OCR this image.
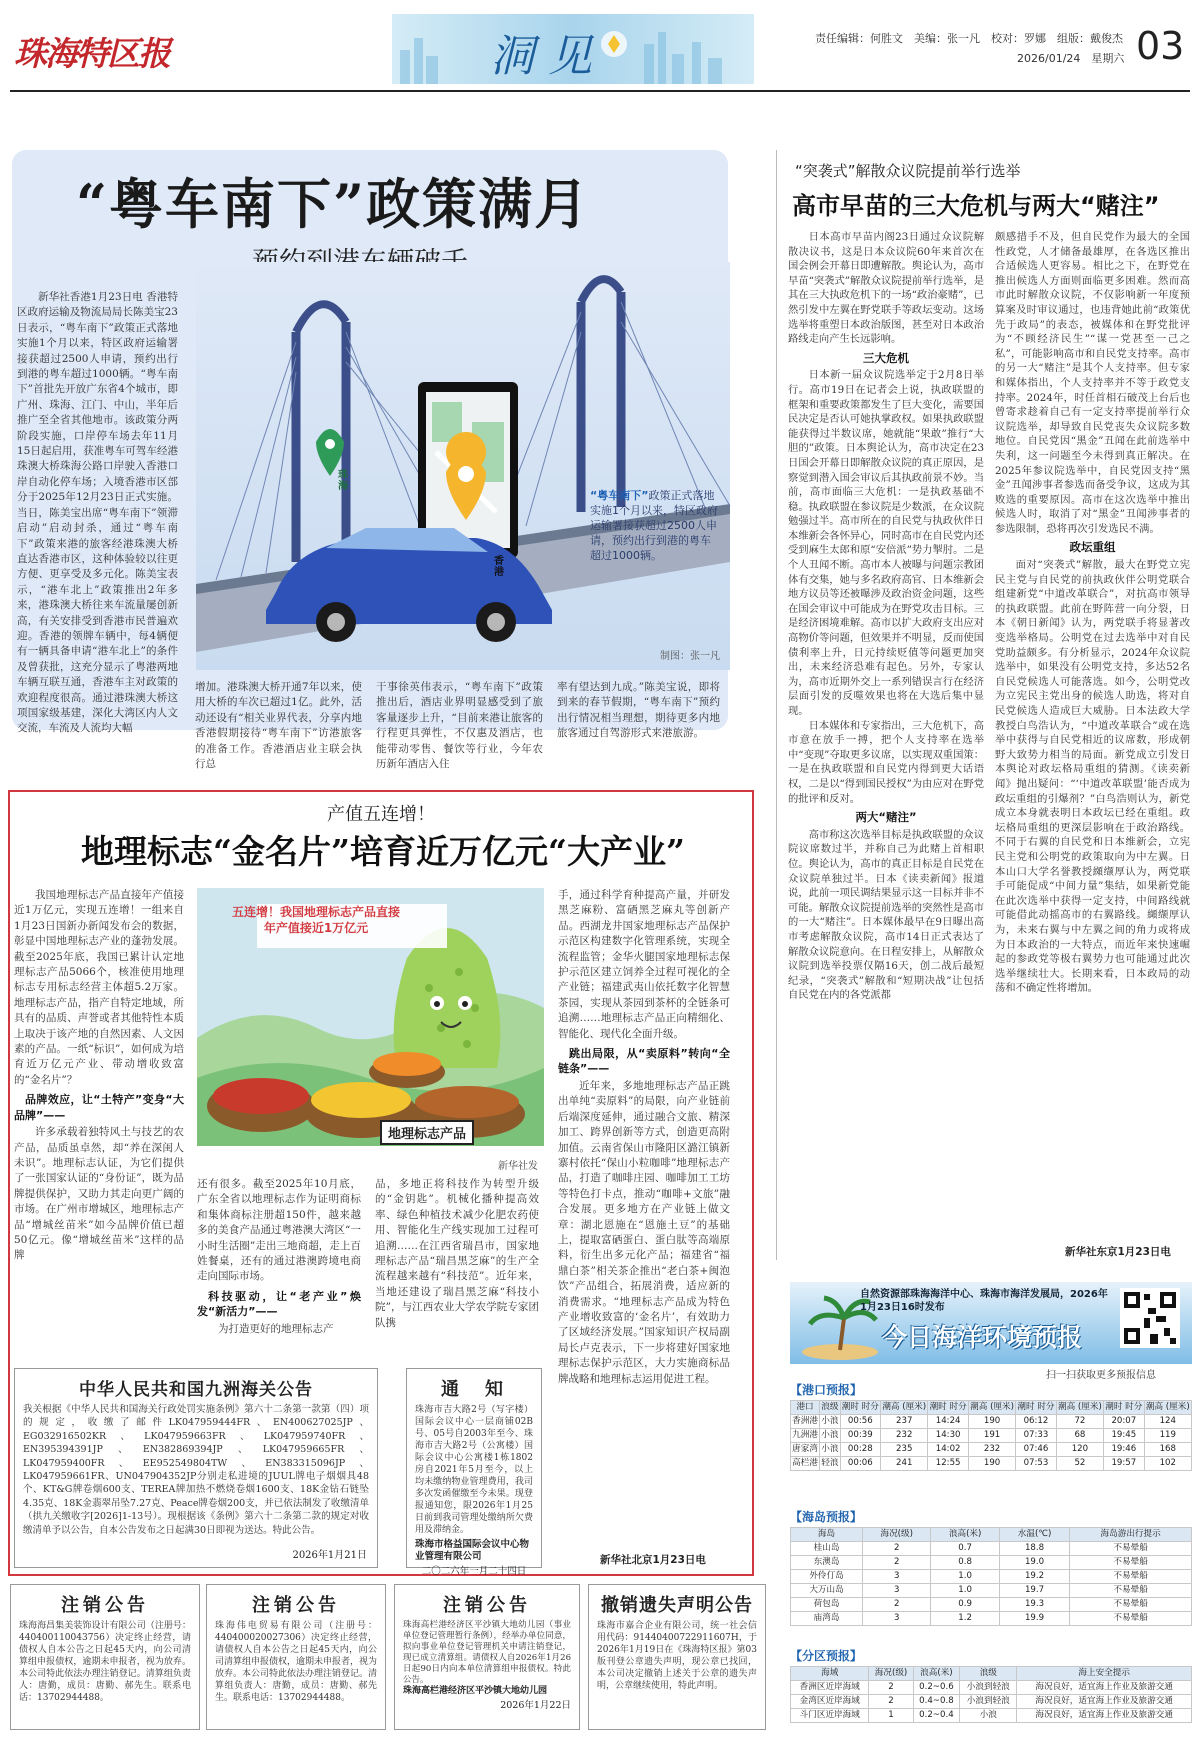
珠海特区报	洞见	责任编辑：何胜文　美编：张一凡　校对：罗娜　组版：戴俊杰
2026/01/24　星期六 03
“粤车南下”政策满月
珠海
香港
“粤车南下”政策正式落地实施1个月以来，特区政府运输署接获超过2500人申请，预约出行到港的粤车超过1000辆。
制图：张一凡

新华社香港1月23日电 香港特区政府运输及物流局局长陈美宝23日表示，“粤车南下”政策正式落地实施1个月以来，特区政府运输署接获超过2500人申请，预约出行到港的粤车超过1000辆。“粤车南下”首批先开放广东省4个城市，即广州、珠海、江门、中山，半年后推广至全省其他地市。该政策分两阶段实施，口岸停车场去年11月15日起启用，获准粤车可驾车经港珠澳大桥珠海公路口岸驶入香港口岸自动化停车场；入境香港市区部分于2025年12月23日正式实施。当日，陈美宝出席“粤车南下”领滞启动”启动封杀，通过“粤车南下”政策来港的旅客经港珠澳大桥直达香港市区，这种体验较以往更方便、更享受及多元化。陈美宝表示，“港车北上”政策推出2年多来，港珠澳大桥往来车流量屡创新高，有关安排受到香港市民普遍欢迎。香港的领牌车辆中，每4辆便有一辆具备申请“港车北上”的条件及曾获批，这充分显示了粤港两地车辆互联互通，香港车主对政策的欢迎程度很高。通过港珠澳大桥这项国家级基建，深化大湾区内人文交流，车流及人流均大幅

增加。港珠澳大桥开通7年以来，使用大桥的车次已超过1亿。此外，活动还设有“相关业界代表，分享内地香港假期接待“粤车南下”访港旅客的准备工作。香港酒店业主联会执行总

干事徐英伟表示，“粤车南下”政策推出后，酒店业界明显感受到了旅客量逐步上升，“目前来港让旅客的行程更具弹性，不仅惠及酒店，也能带动零售、餐饮等行业，今年农历新年酒店入住

率有望达到九成。”陈美宝说，即将到来的春节假期，“粤车南下”预约出行情况相当理想，期待更多内地旅客通过自驾游形式来港旅游。

产值五连增！
地理标志“金名片”培育近万亿元“大产业”
五连增！我国地理标志产品直接年产值接近1万亿元
地理标志产品
新华社发

我国地理标志产品直接年产值接近1万亿元，实现五连增！一组来自1月23日国新办新闻发布会的数据，彰显中国地理标志产业的蓬勃发展。截至2025年底，我国已累计认定地理标志产品5066个，核准使用地理标志专用标志经营主体超5.2万家。地理标志产品，指产自特定地域，所具有的品质、声誉或者其他特性本质上取决于该产地的自然因素、人文因素的产品。一纸“标识”，如何成为培育近万亿元产业、带动增收致富的“金名片”？

品牌效应，让“土特产”变身“大品牌”——

许多承载着独特风土与技艺的农产品，品质虽卓然，却“养在深闺人未识”。地理标志认证，为它们提供了一张国家认证的“身份证”，既为品牌提供保护，又助力其走向更广阔的市场。在广州市增城区，地理标志产品“增城丝苗米”如今品牌价值已超50亿元。像“增城丝苗米”这样的品牌

还有很多。截至2025年10月底，广东全省以地理标志作为证明商标和集体商标注册超150件，越来越多的美食产品通过粤港澳大湾区“一小时生活圈”走出三地商超，走上百姓餐桌，还有的通过港澳跨境电商走向国际市场。

科技驱动，让“老产业”焕发“新活力”——

为打造更好的地理标志产

品，多地正将科技作为转型升级的“金钥匙”。机械化播种提高效率、绿色种植技术减少化肥农药使用、智能化生产线实现加工过程可追溯……在江西省瑞昌市，国家地理标志产品“瑞昌黑芝麻”的生产全流程越来越有“科技范”。近年来，当地还建设了瑞昌黑芝麻“科技小院”，与江西农业大学农学院专家团队携

手，通过科学育种提高产量，并研发黑芝麻粉、富硒黑芝麻丸等创新产品。西湖龙井国家地理标志产品保护示范区构建数字化管理系统，实现全流程监管；金华火腿国家地理标志保护示范区建立饲养全过程可视化的全产业链；福建武夷山依托数字化智慧茶园，实现从茶园到茶杯的全链条可追溯……地理标志产品正向精细化、智能化、现代化全面升级。

跳出局限，从“卖原料”转向“全链条”——

近年来，多地地理标志产品正跳出单纯“卖原料”的局限，向产业链前后端深度延伸，通过融合文旅、精深加工、跨界创新等方式，创造更高附加值。云南省保山市隆阳区潞江镇新寨村依托“保山小粒咖啡”地理标志产品，打造了咖啡庄园、咖啡加工工坊等特色打卡点，推动“咖啡+文旅”融合发展。更多地方在产业链上做文章：湖北恩施在“恩施土豆”的基础上，提取富硒蛋白、蛋白肽等高端原料，衍生出多元化产品；福建省“福鼎白茶”相关茶企推出“老白茶+闽泡饮”产品组合，拓展消费，适应新的消费需求。“地理标志产品成为特色产业增收致富的‘金名片’，有效助力了区域经济发展。”国家知识产权局副局长卢克表示，下一步将建好国家地理标志保护示范区，大力实施商标品牌战略和地理标志运用促进工程。

新华社北京1月23日电
中华人民共和国九洲海关公告
我关根据《中华人民共和国海关行政处罚实施条例》第六十二条第一款第（四）项的规定，收缴了邮件LK047959444FR、EN400627025JP、EG032916502KR、LK047959663FR、LK047959740FR、EN395394391JP、EN382869394JP、LK047959665FR、LK047959400FR、EE952549804TW、EN383315096JP、LK047959661FR、UN047904352JP分别走私进境的JUUL牌电子烟烟具48个、KT&G牌卷烟600支、TEREA牌加热不燃烧卷烟1600支、18K金钻石链坠4.35克、18K金翡翠吊坠7.27克、Peace牌卷烟200支，并已依法制发了收缴清单（拱九关缴收字[2026]1-13号）。现根据该《条例》第六十二条第二款的规定对收缴清单予以公告，自本公告发布之日起满30日即视为送达。特此公告。
2026年1月21日
通　知
珠海市吉大路2号（写字楼）国际会议中心一层商铺02B号、05号自2003年至今、珠海市吉大路2号（公寓楼）国际会议中心公寓楼1栋1802房自2021年5月至今，以上均未缴纳物业管理费用，我司多次发函催缴至今未果。现登报通知您，限2026年1月25日前到我司管理处缴纳所欠费用及滞纳金。
珠海市格益国际会议中心物业管理有限公司
二〇二六年一月二十四日
注销公告
珠海海昌集美装饰设计有限公司（注册号：440400110043756）决定终止经营，请债权人自本公告之日起45天内，向公司清算组申报债权，逾期未申报者，视为放弃。本公司特此依法办理注销登记。清算组负责人：唐勤，成员：唐勤、郝先生。联系电话：13702944488。
注销公告
珠海伟电贸易有限公司（注册号：440400020027306）决定终止经营，请债权人自本公告之日起45天内，向公司清算组申报债权，逾期未申报者，视为放弃。本公司特此依法办理注销登记。清算组负责人：唐勤，成员：唐勤、郝先生。联系电话：13702944488。
注销公告
珠海高栏港经济区平沙镇大地幼儿园（事业单位登记管理暂行条例），经举办单位同意，拟向事业单位登记管理机关申请注销登记，现已成立清算组。请债权人自2026年1月26日起90日内向本单位清算组申报债权。特此公告。
珠海高栏港经济区平沙镇大地幼儿园
2026年1月22日
撤销遗失声明公告
珠海市嘉合企业有限公司，统一社会信用代码：91440400722911607H，于2026年1月19日在《珠海特区报》第03版刊登公章遗失声明，现公章已找回，本公司决定撤销上述关于公章的遗失声明，公章继续使用，特此声明。
“突袭式”解散众议院提前举行选举
高市早苗的三大危机与两大“赌注”

日本高市早苗内阁23日通过众议院解散决议书，这是日本众议院60年来首次在国会例会开幕日即遭解散。舆论认为，高市早苗“突袭式”解散众议院提前举行选举，是其在三大执政危机下的一场“政治豪赌”，已然引发中左翼在野党联手等政坛变动。这场选举将重塑日本政治版图，甚至对日本政治路线走向产生长远影响。

三大危机

日本新一届众议院选举定于2月8日举行。高市19日在记者会上说，执政联盟的框架和重要政策都发生了巨大变化，需要国民决定是否认可她执掌政权。如果执政联盟能获得过半数议席，她就能“果敢”推行“大胆的”政策。日本舆论认为，高市决定在23日国会开幕日即解散众议院的真正原因，是察觉到潜入国会审议后其执政前景不妙。当前，高市面临三大危机：一是执政基础不稳。执政联盟在参议院是少数派，在众议院勉强过半。高市所在的自民党与执政伙伴日本维新会各怀异心，同时高市在自民党内还受到麻生太郎和原“安倍派”势力掣肘。二是个人丑闻不断。高市本人被曝与问题宗教团体有交集，她与多名政府高官、日本维新会地方议员等还被曝涉及政治资金问题，这些在国会审议中可能成为在野党攻击目标。三是经济困境难解。高市以扩大政府支出应对高物价等问题，但效果并不明显，反而使国债利率上升，日元持续贬值等问题更加突出，未来经济恐难有起色。另外，专家认为，高市近期外交上一系列错误言行在经济层面引发的反噬效果也将在大选后集中显现。

日本媒体和专家指出，三大危机下，高市意在放手一搏，把个人支持率在选举中“变现”夺取更多议席，以实现双重国策：一是在执政联盟和自民党内得到更大话语权，二是以“得到国民授权”为由应对在野党的批评和反对。

两大“赌注”

高市称这次选举目标是执政联盟的众议院议席数过半，并称自己为此赌上首相职位。舆论认为，高市的真正目标是自民党在众议院单独过半。日本《读卖新闻》报道说，此前一项民调结果显示这一目标并非不可能。解散众议院提前选举的突然性是高市的一大“赌注”。日本媒体最早在9日曝出高市考虑解散众议院，高市14日正式表达了解散众议院意向。在日程安排上，从解散众议院到选举投票仅隔16天，创二战后最短纪录，“突袭式”解散和“短期决战”让包括自民党在内的各党派都

颇感措手不及，但自民党作为最大的全国性政党，人才储备最雄厚，在各选区推出合适候选人更容易。相比之下，在野党在推出候选人方面则面临更多困难。然而高市此时解散众议院，不仅影响新一年度预算案及时审议通过，也违背她此前“政策优先于政局”的表态，被媒体和在野党批评为“不顾经济民生”“谋一党甚至一己之私”，可能影响高市和自民党支持率。高市的另一大“赌注”是其个人支持率。但专家和媒体指出，个人支持率并不等于政党支持率。2024年，时任首相石破茂上台后也曾寄求趁着自己有一定支持率提前举行众议院选举，却导致自民党丧失众议院多数地位。自民党因“黑金”丑闻在此前选举中失利，这一问题至今未得到真正解决。在2025年参议院选举中，自民党因支持“黑金”丑闻涉事者参选而备受争议，这成为其败选的重要原因。高市在这次选举中推出候选人时，取消了对“黑金”丑闻涉事者的参选限制，恐将再次引发选民不满。

政坛重组

面对“突袭式”解散，最大在野党立宪民主党与自民党的前执政伙伴公明党联合组建新党“中道改革联合”，对抗高市领导的执政联盟。此前在野阵营一向分裂，日本《朝日新闻》认为，两党联手将显著改变选举格局。公明党在过去选举中对自民党助益颇多。有分析显示，2024年众议院选举中，如果没有公明党支持，多达52名自民党候选人可能落选。如今，公明党改为立宪民主党出身的候选人助选，将对自民党候选人造成巨大威胁。日本法政大学教授白鸟浩认为，“中道改革联合”或在选举中获得与自民党相近的议席数，形成朝野大致势力相当的局面。新党成立引发日本舆论对政坛格局重组的猜测。《读卖新闻》抛出疑问：“‘中道改革联盟’能否成为政坛重组的引爆剂？”白鸟浩则认为，新党成立本身就表明日本政坛已经在重组。政坛格局重组的更深层影响在于政治路线。不同于右翼的自民党和日本维新会，立宪民主党和公明党的政策取向为中左翼。日本山口大学名誉教授纐缬厚认为，两党联手可能促成“中间力量”集结，如果新党能在此次选举中获得一定支持，中间路线就可能借此动摇高市的右翼路线。纐缬厚认为，未来右翼与中左翼之间的角力或将成为日本政治的一大特点，而近年来快速崛起的参政党等极右翼势力也可能通过此次选举继续壮大。长期来看，日本政局的动荡和不确定性将增加。

新华社东京1月23日电
自然资源部珠海海洋中心、珠海市海洋发展局，2026年1月23日16时发布
今日海洋环境预报
扫一扫获取更多预报信息
【港口预报】
港口	浪级	潮时 时分	潮高 (厘米)	潮时 时分	潮高 (厘米)	潮时 时分	潮高 (厘米)	潮时 时分	潮高 (厘米)
香洲港	小浪	00:56	237	14:24	190	06:12	72	20:07	124
九洲港	小浪	00:39	232	14:30	191	07:33	68	19:45	119
唐家湾	小浪	00:28	235	14:02	232	07:46	120	19:46	168
高栏港	轻浪	00:06	241	12:55	190	07:53	52	19:57	102
【海岛预报】
海岛	海况(级)	浪高(米)	水温(℃)	海岛游出行提示
桂山岛	2	0.7	18.8	不易晕船
东澳岛	2	0.8	19.0	不易晕船
外伶仃岛	3	1.0	19.2	不易晕船
大万山岛	3	1.0	19.7	不易晕船
荷包岛	2	0.9	19.3	不易晕船
庙湾岛	3	1.2	19.9	不易晕船
【分区预报】
海域	海况(级)	浪高(米)	浪级	海上安全提示
香洲区近岸海域	2	0.2~0.6	小浪到轻浪	海况良好，适宜海上作业及旅游交通
金湾区近岸海域	2	0.4~0.8	小浪到轻浪	海况良好，适宜海上作业及旅游交通
斗门区近岸海域	1	0.2~0.4	小浪	海况良好，适宜海上作业及旅游交通
